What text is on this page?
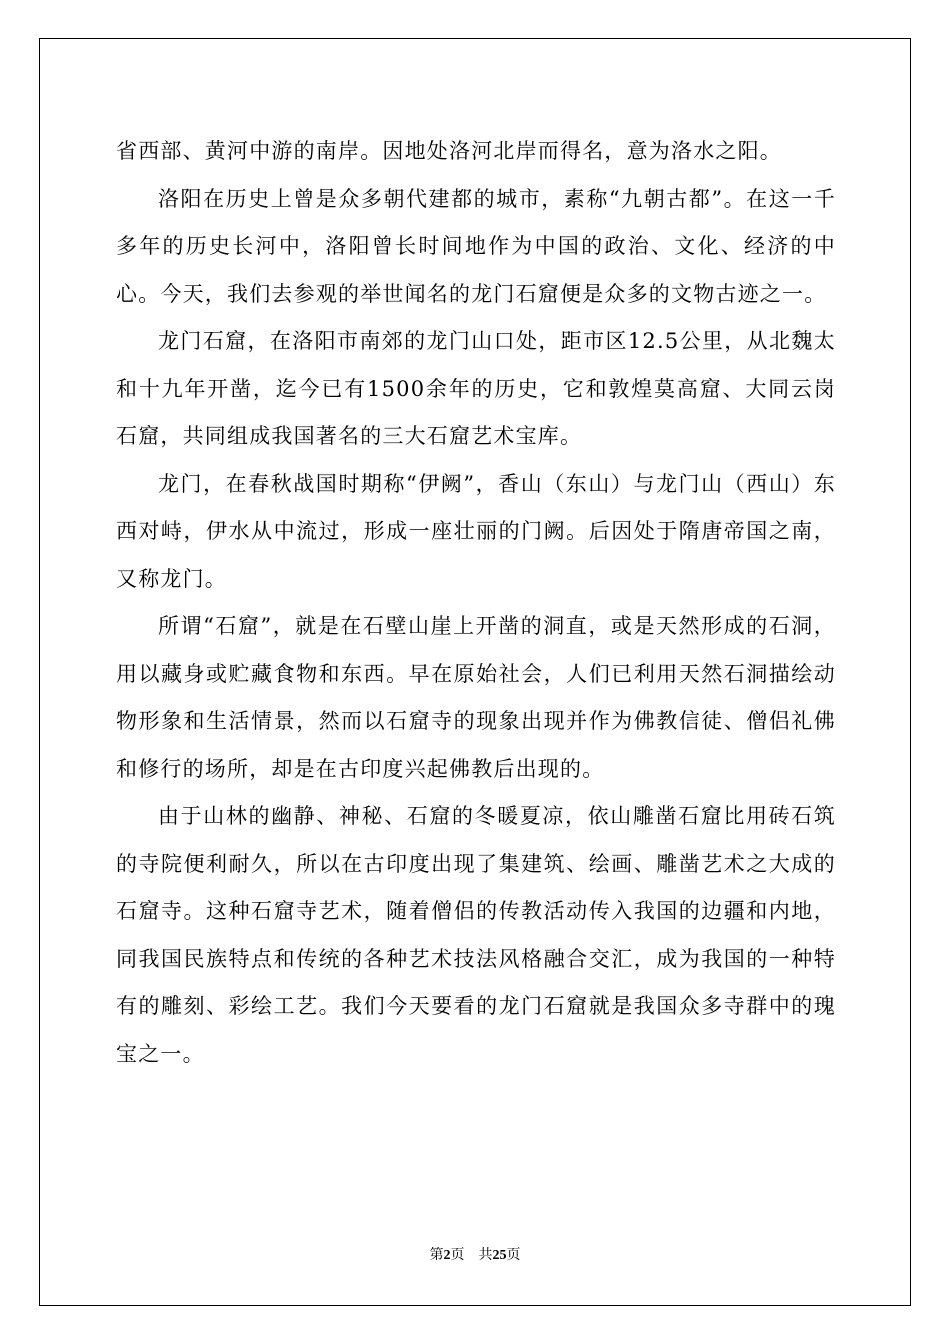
省西部、黄河中游的南岸。因地处洛河北岸而得名，意为洛水之阳。

洛阳在历史上曾是众多朝代建都的城市，素称“九朝古都”。在这一千多年的历史长河中，洛阳曾长时间地作为中国的政治、文化、经济的中心。今天，我们去参观的举世闻名的龙门石窟便是众多的文物古迹之一。

龙门石窟，在洛阳市南郊的龙门山口处，距市区12.5公里，从北魏太和十九年开凿，迄今已有1500余年的历史，它和敦煌莫高窟、大同云岗石窟，共同组成我国著名的三大石窟艺术宝库。

龙门，在春秋战国时期称“伊阙”，香山（东山）与龙门山（西山）东西对峙，伊水从中流过，形成一座壮丽的门阙。后因处于隋唐帝国之南，又称龙门。

所谓“石窟”，就是在石壁山崖上开凿的洞直，或是天然形成的石洞，用以藏身或贮藏食物和东西。早在原始社会，人们已利用天然石洞描绘动物形象和生活情景，然而以石窟寺的现象出现并作为佛教信徒、僧侣礼佛和修行的场所，却是在古印度兴起佛教后出现的。

由于山林的幽静、神秘、石窟的冬暖夏凉，依山雕凿石窟比用砖石筑的寺院便利耐久，所以在古印度出现了集建筑、绘画、雕凿艺术之大成的石窟寺。这种石窟寺艺术，随着僧侣的传教活动传入我国的边疆和内地，同我国民族特点和传统的各种艺术技法风格融合交汇，成为我国的一种特有的雕刻、彩绘工艺。我们今天要看的龙门石窟就是我国众多寺群中的瑰宝之一。

第2页 共25页
